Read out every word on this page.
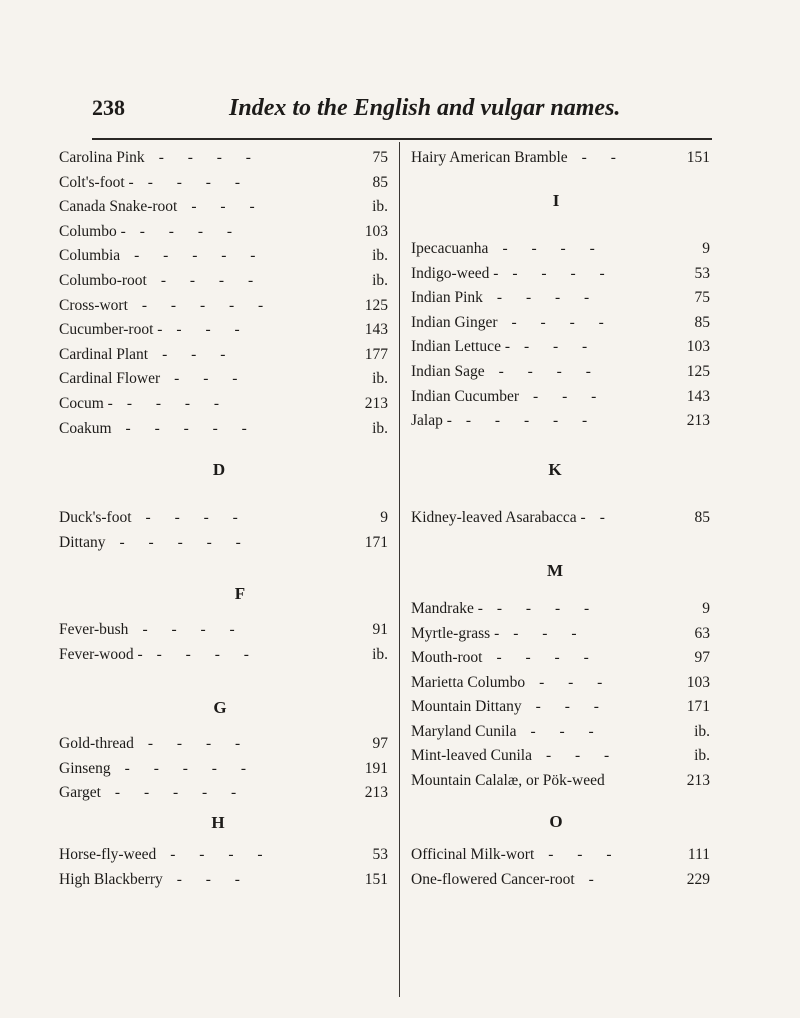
238	Index to the English and vulgar names.
Carolina Pink - - - -	75
Colt's-foot - - - - -	85
Canada Snake-root - - -	ib.
Columbo - - - - -	103
Columbia - - - - -	ib.
Columbo-root - - - -	ib.
Cross-wort - - - - -	125
Cucumber-root - - - -	143
Cardinal Plant - - -	177
Cardinal Flower - - -	ib.
Cocum - - - - -	213
Coakum - - - - -	ib.
D
Duck's-foot - - - -	9
Dittany - - - - -	171
F
Fever-bush - - - -	91
Fever-wood - - - - -	ib.
G
Gold-thread - - - -	97
Ginseng - - - - -	191
Garget - - - - -	213
H
Horse-fly-weed - - - -	53
High Blackberry - - -	151
Hairy American Bramble - -	151
I
Ipecacuanha - - - -	9
Indigo-weed - - - - -	53
Indian Pink - - - -	75
Indian Ginger - - - -	85
Indian Lettuce - - - -	103
Indian Sage - - - -	125
Indian Cucumber - - -	143
Jalap - - - - - -	213
K
Kidney-leaved Asarabacca - -	85
M
Mandrake - - - - -	9
Myrtle-grass - - - -	63
Mouth-root - - - -	97
Marietta Columbo - - -	103
Mountain Dittany - - -	171
Maryland Cunila - - -	ib.
Mint-leaved Cunila - - -	ib.
Mountain Calalæ, or Pök-weed	213
O
Officinal Milk-wort - - -	111
One-flowered Cancer-root -	229
